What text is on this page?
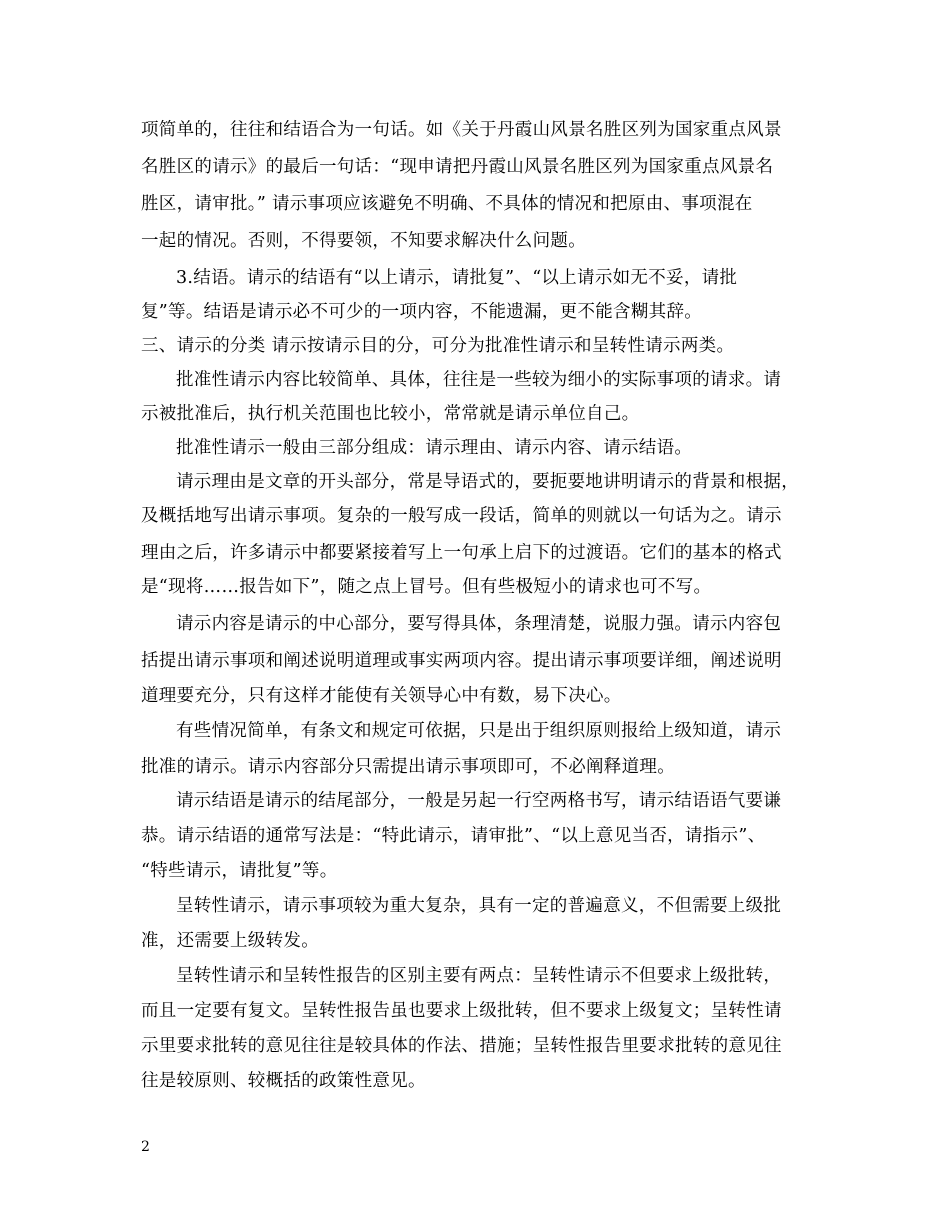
项简单的，往往和结语合为一句话。如《关于丹霞山风景名胜区列为国家重点风景
名胜区的请示》的最后一句话：“现申请把丹霞山风景名胜区列为国家重点风景名
胜区，请审批。” 请示事项应该避免不明确、不具体的情况和把原由、事项混在
一起的情况。否则，不得要领，不知要求解决什么问题。
3.结语。请示的结语有“以上请示，请批复”、“以上请示如无不妥，请批
复”等。结语是请示必不可少的一项内容，不能遗漏，更不能含糊其辞。
三、请示的分类 请示按请示目的分，可分为批准性请示和呈转性请示两类。
批准性请示内容比较简单、具体，往往是一些较为细小的实际事项的请求。请
示被批准后，执行机关范围也比较小，常常就是请示单位自己。
批准性请示一般由三部分组成：请示理由、请示内容、请示结语。
请示理由是文章的开头部分，常是导语式的，要扼要地讲明请示的背景和根据，
及概括地写出请示事项。复杂的一般写成一段话，简单的则就以一句话为之。请示
理由之后，许多请示中都要紧接着写上一句承上启下的过渡语。它们的基本的格式
是“现将……报告如下”，随之点上冒号。但有些极短小的请求也可不写。
请示内容是请示的中心部分，要写得具体，条理清楚，说服力强。请示内容包
括提出请示事项和阐述说明道理或事实两项内容。提出请示事项要详细，阐述说明
道理要充分，只有这样才能使有关领导心中有数，易下决心。
有些情况简单，有条文和规定可依据，只是出于组织原则报给上级知道，请示
批准的请示。请示内容部分只需提出请示事项即可，不必阐释道理。
请示结语是请示的结尾部分，一般是另起一行空两格书写，请示结语语气要谦
恭。请示结语的通常写法是：“特此请示，请审批”、“以上意见当否，请指示”、
“特些请示，请批复”等。
呈转性请示，请示事项较为重大复杂，具有一定的普遍意义，不但需要上级批
准，还需要上级转发。
呈转性请示和呈转性报告的区别主要有两点：呈转性请示不但要求上级批转，
而且一定要有复文。呈转性报告虽也要求上级批转，但不要求上级复文；呈转性请
示里要求批转的意见往往是较具体的作法、措施；呈转性报告里要求批转的意见往
往是较原则、较概括的政策性意见。
2
